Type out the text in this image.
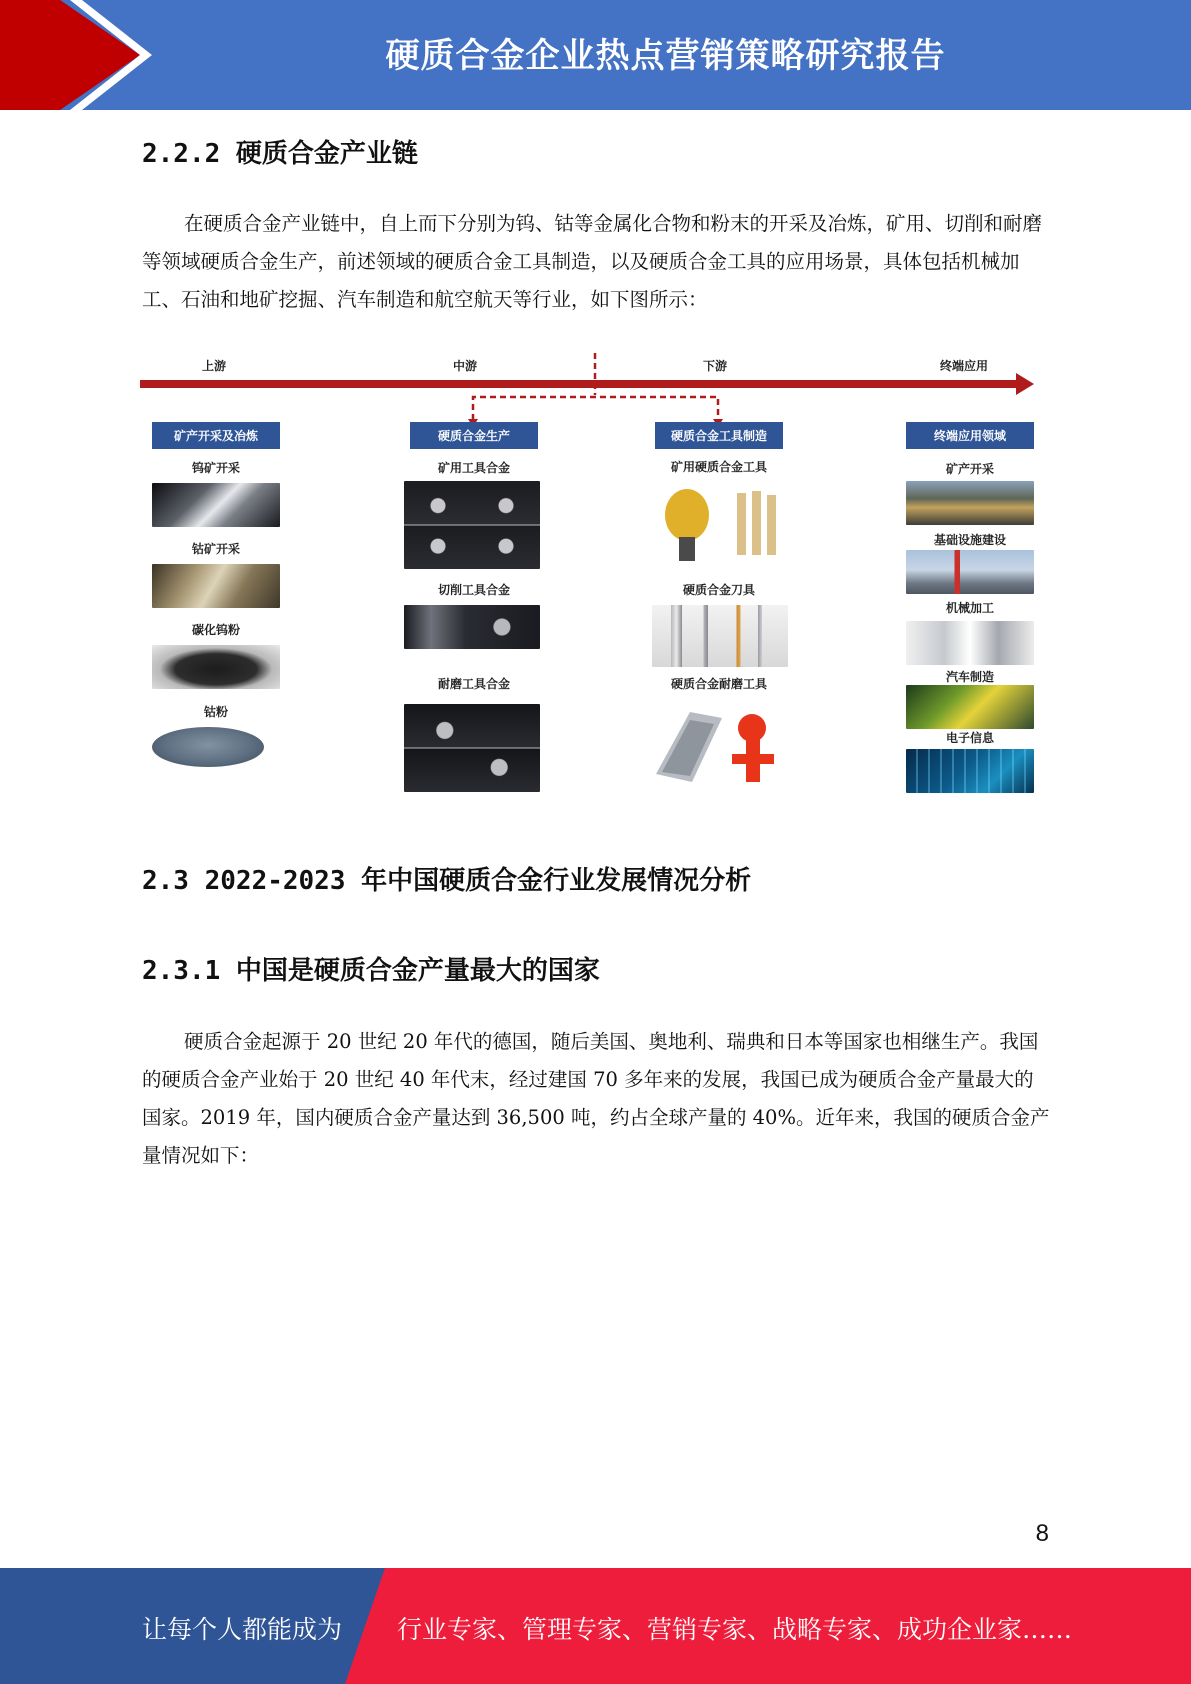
硬质合金企业热点营销策略研究报告
2.2.2 硬质合金产业链

在硬质合金产业链中，自上而下分别为钨、钴等金属化合物和粉末的开采及冶炼，矿用、切削和耐磨等领域硬质合金生产，前述领域的硬质合金工具制造，以及硬质合金工具的应用场景，具体包括机械加工、石油和地矿挖掘、汽车制造和航空航天等行业，如下图所示：

上游	中游	下游	终端应用
矿产开采及冶炼
钨矿开采
钴矿开采
碳化钨粉
钴粉
硬质合金生产
矿用工具合金
切削工具合金
耐磨工具合金
硬质合金工具制造
矿用硬质合金工具
硬质合金刀具
硬质合金耐磨工具
终端应用领域
矿产开采
基础设施建设
机械加工
汽车制造
电子信息
2.3 2022-2023 年中国硬质合金行业发展情况分析
2.3.1 中国是硬质合金产量最大的国家

硬质合金起源于 20 世纪 20 年代的德国，随后美国、奥地利、瑞典和日本等国家也相继生产。我国的硬质合金产业始于 20 世纪 40 年代末，经过建国 70 多年来的发展，我国已成为硬质合金产量最大的国家。2019 年，国内硬质合金产量达到 36,500 吨，约占全球产量的 40%。近年来，我国的硬质合金产量情况如下：

8
让每个人都能成为 行业专家、管理专家、营销专家、战略专家、成功企业家……
